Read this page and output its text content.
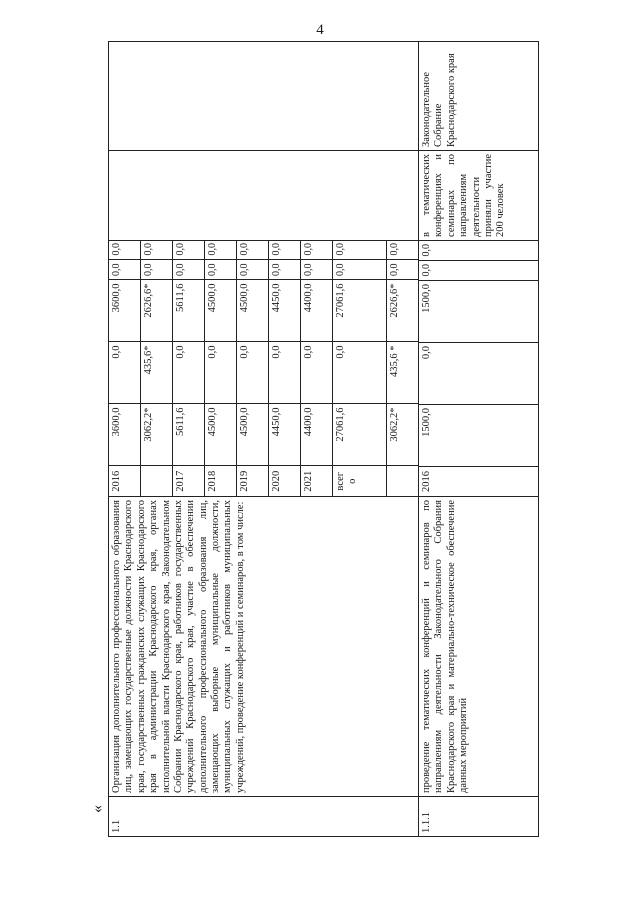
4
«
1.1	Организация дополнительного профессионального образования лиц, замещающих государственные должности Краснодарского края, государственных гражданских служащих Краснодарского края в администрации Краснодарского края, органах исполнительной власти Краснодарского края, Законодательном Собрании Краснодарского края, работников государственных учреждений Краснодарского края, участие в обеспечении дополнительного профессионального образования лиц, замещающих выборные муниципальные должности, муниципальных служащих и работников муниципальных учреждений, проведение конференций и семинаров, в том числе:	
2016	3600,0	0,0	3600,0	0,0	0,0
	3062,2*	435,6*	2626,6*	0,0	0,0
2017	5611,6	0,0	5611,6	0,0	0,0
2018	4500,0	0,0	4500,0	0,0	0,0
2019	4500,0	0,0	4500,0	0,0	0,0
2020	4450,0	0,0	4450,0	0,0	0,0
2021	4400,0	0,0	4400,0	0,0	0,0
всег о	27061,6	0,0	27061,6	0,0	0,0
	3062,2*	435,6 *	2626,6*	0,0	0,0

1.1.1	проведение тематических конференций и семинаров по направлениям деятельности Законодательного Собрания Краснодарского края и материально-техническое обеспечение данных мероприятий	2016	1500,0	0,0	1500,0	0,0	0,0	в тематических конференциях и семинарах по направлениям деятельности приняли участие 200 человек	Законодательное Собрание Краснодарского края
